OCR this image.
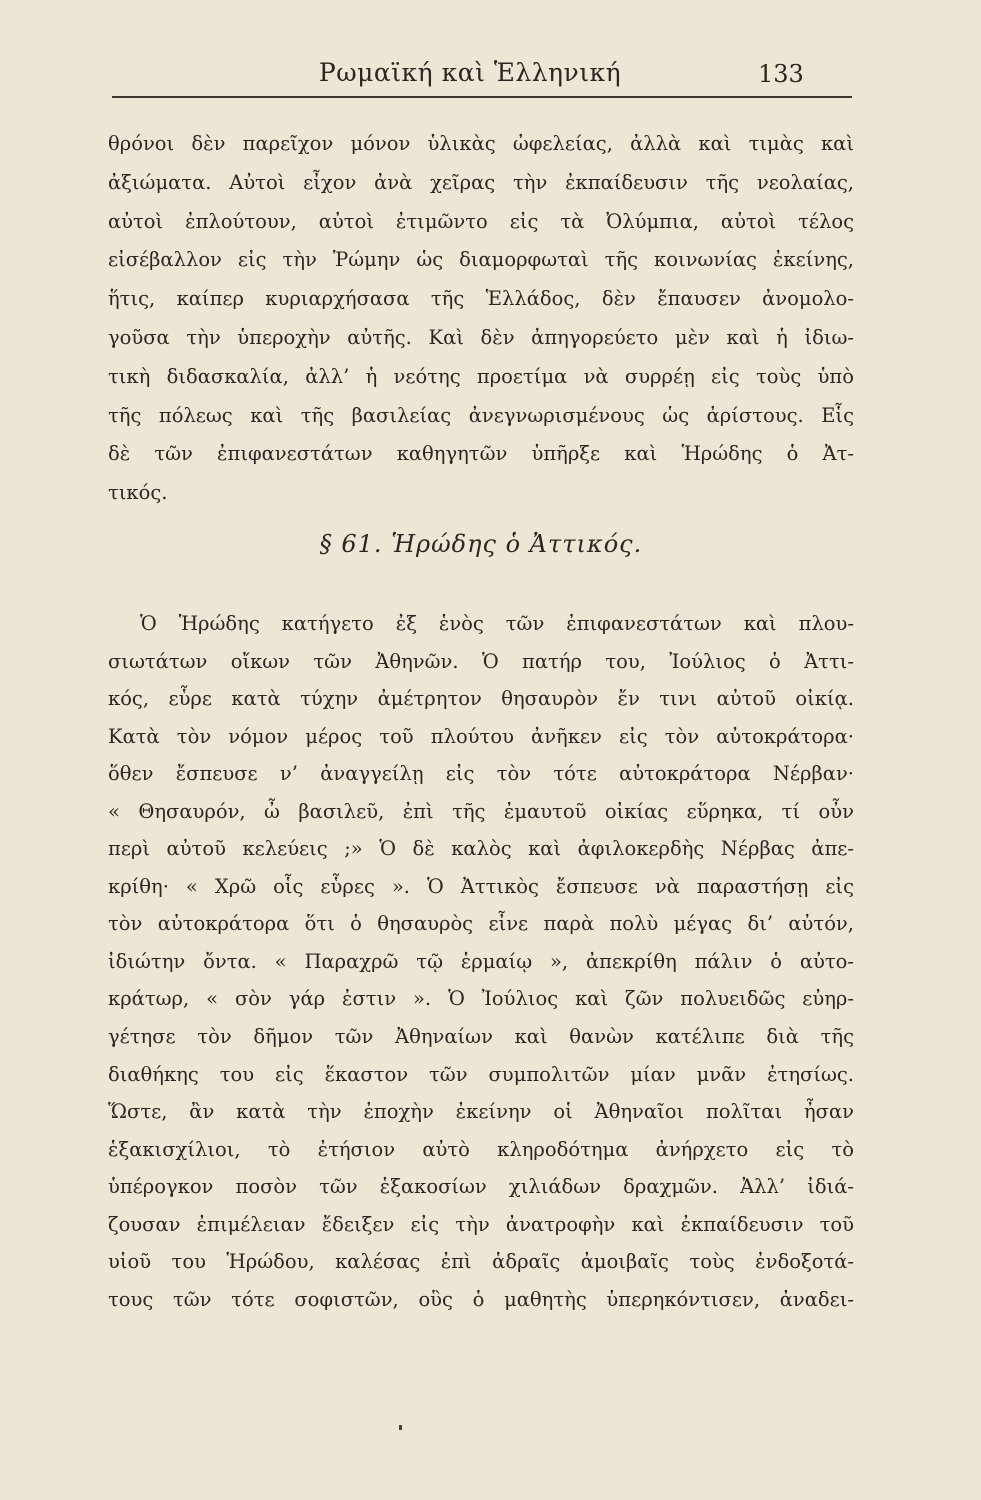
Ρωμαϊκή καὶ Ἑλληνική	133
θρόνοι δὲν παρεῖχον μόνον ὑλικὰς ὠφελείας, ἀλλὰ καὶ τιμὰς καὶ
ἀξιώματα. Αὐτοὶ εἶχον ἀνὰ χεῖρας τὴν ἐκπαίδευσιν τῆς νεολαίας,
αὐτοὶ ἐπλούτουν, αὐτοὶ ἐτιμῶντο εἰς τὰ Ὀλύμπια, αὐτοὶ τέλος
εἰσέβαλλον εἰς τὴν Ῥώμην ὡς διαμορφωταὶ τῆς κοινωνίας ἐκείνης,
ἥτις, καίπερ κυριαρχήσασα τῆς Ἑλλάδος, δὲν ἔπαυσεν ἀνομολο-
γοῦσα τὴν ὑπεροχὴν αὐτῆς. Καὶ δὲν ἀπηγορεύετο μὲν καὶ ἡ ἰδιω-
τικὴ διδασκαλία, ἀλλ’ ἡ νεότης προετίμα νὰ συρρέῃ εἰς τοὺς ὑπὸ
τῆς πόλεως καὶ τῆς βασιλείας ἀνεγνωρισμένους ὡς ἀρίστους. Εἷς
δὲ τῶν ἐπιφανεστάτων καθηγητῶν ὑπῆρξε καὶ Ἡρώδης ὁ Ἀτ-
τικός.
§ 61. Ἡρώδης ὁ Ἀττικός.
Ὁ Ἡρώδης κατήγετο ἐξ ἑνὸς τῶν ἐπιφανεστάτων καὶ πλου-
σιωτάτων οἴκων τῶν Ἀθηνῶν. Ὁ πατήρ του, Ἰούλιος ὁ Ἀττι-
κός, εὗρε κατὰ τύχην ἀμέτρητον θησαυρὸν ἔν τινι αὐτοῦ οἰκίᾳ.
Κατὰ τὸν νόμον μέρος τοῦ πλούτου ἀνῆκεν εἰς τὸν αὐτοκράτορα·
ὅθεν ἔσπευσε ν’ ἀναγγείλῃ εἰς τὸν τότε αὐτοκράτορα Νέρβαν·
« Θησαυρόν, ὦ βασιλεῦ, ἐπὶ τῆς ἐμαυτοῦ οἰκίας εὕρηκα, τί οὖν
περὶ αὐτοῦ κελεύεις ;» Ὁ δὲ καλὸς καὶ ἀφιλοκερδὴς Νέρβας ἀπε-
κρίθη· « Χρῶ οἷς εὗρες ». Ὁ Ἀττικὸς ἔσπευσε νὰ παραστήσῃ εἰς
τὸν αὐτοκράτορα ὅτι ὁ θησαυρὸς εἶνε παρὰ πολὺ μέγας δι’ αὐτόν,
ἰδιώτην ὄντα. « Παραχρῶ τῷ ἑρμαίῳ », ἀπεκρίθη πάλιν ὁ αὐτο-
κράτωρ, « σὸν γάρ ἐστιν ». Ὁ Ἰούλιος καὶ ζῶν πολυειδῶς εὐηρ-
γέτησε τὸν δῆμον τῶν Ἀθηναίων καὶ θανὼν κατέλιπε διὰ τῆς
διαθήκης του εἰς ἕκαστον τῶν συμπολιτῶν μίαν μνᾶν ἐτησίως.
Ὥστε, ἂν κατὰ τὴν ἐποχὴν ἐκείνην οἱ Ἀθηναῖοι πολῖται ἦσαν
ἑξακισχίλιοι, τὸ ἐτήσιον αὐτὸ κληροδότημα ἀνήρχετο εἰς τὸ
ὑπέρογκον ποσὸν τῶν ἑξακοσίων χιλιάδων δραχμῶν. Ἀλλ’ ἰδιά-
ζουσαν ἐπιμέλειαν ἔδειξεν εἰς τὴν ἀνατροφὴν καὶ ἐκπαίδευσιν τοῦ
υἱοῦ του Ἡρώδου, καλέσας ἐπὶ ἁδραῖς ἀμοιβαῖς τοὺς ἐνδοξοτά-
τους τῶν τότε σοφιστῶν, οὓς ὁ μαθητὴς ὑπερηκόντισεν, ἀναδει-
